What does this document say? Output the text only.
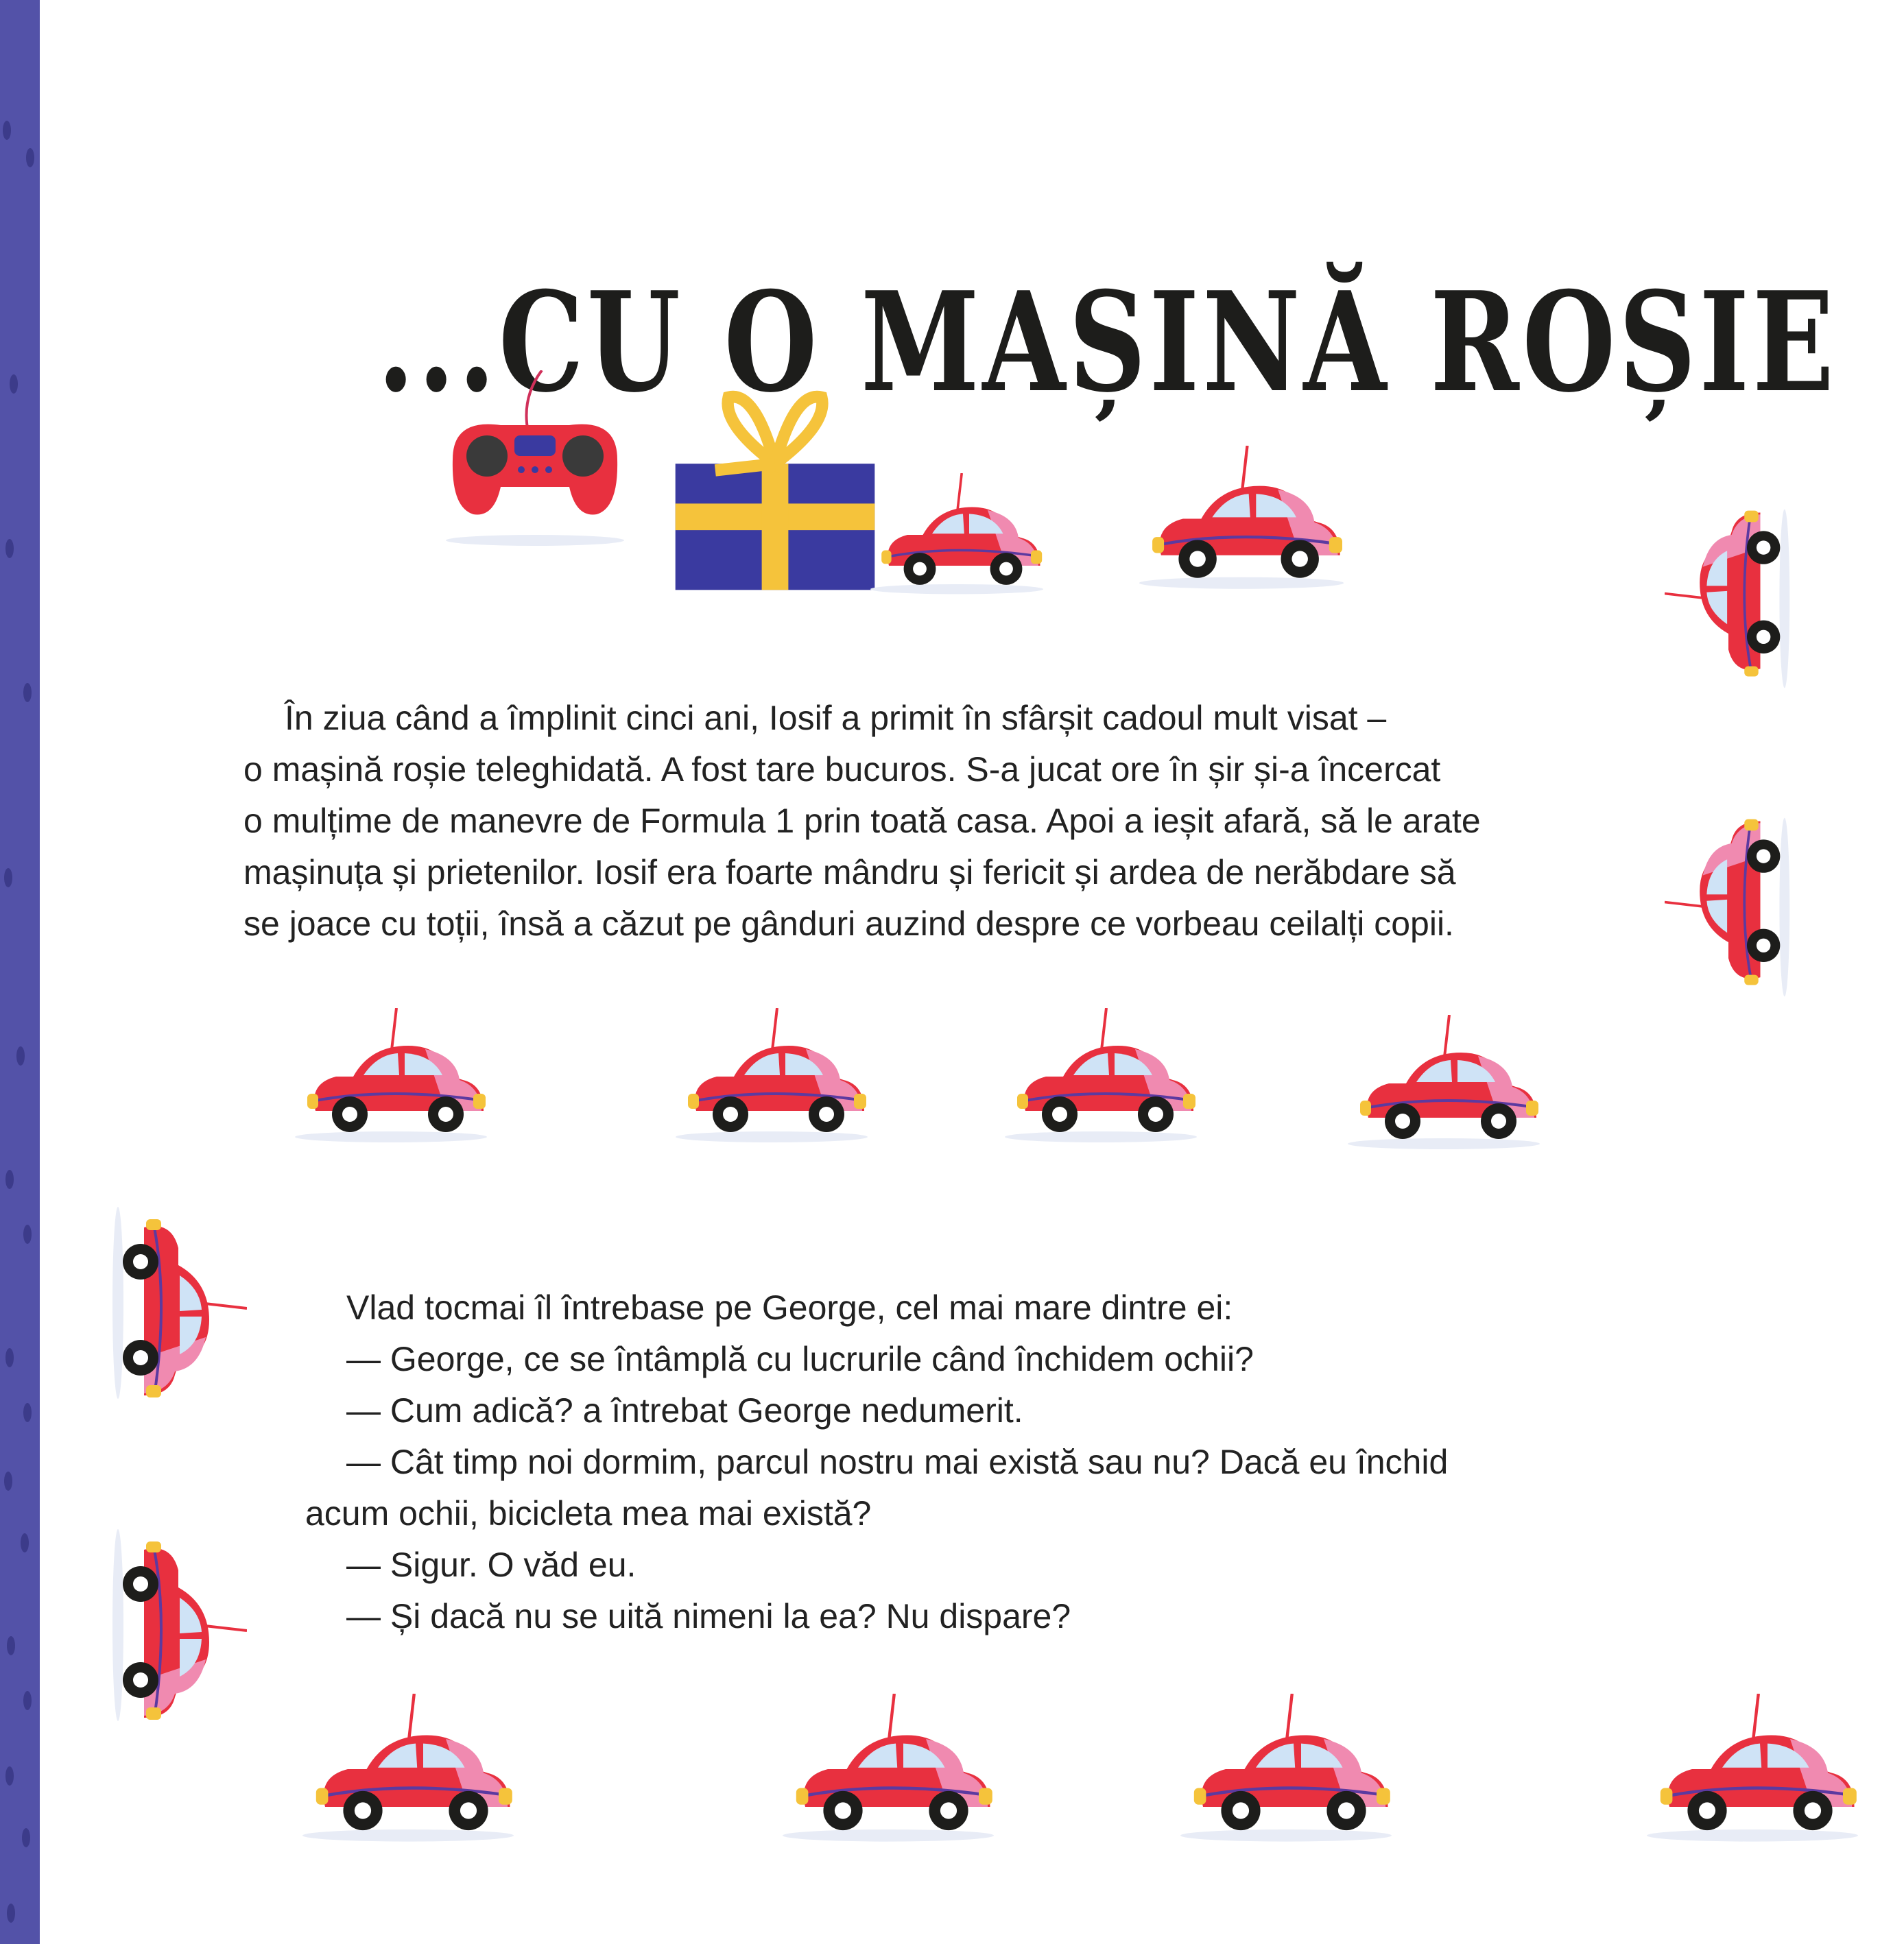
...CU O MAȘINĂ ROȘIE

În ziua când a împlinit cinci ani, Iosif a primit în sfârșit cadoul mult visat –
o mașină roșie teleghidată. A fost tare bucuros. S-a jucat ore în șir și-a încercat
o mulțime de manevre de Formula 1 prin toată casa. Apoi a ieșit afară, să le arate
mașinuța și prietenilor. Iosif era foarte mândru și fericit și ardea de nerăbdare să
se joace cu toții, însă a căzut pe gânduri auzind despre ce vorbeau ceilalți copii.

Vlad tocmai îl întrebase pe George, cel mai mare dintre ei:
— George, ce se întâmplă cu lucrurile când închidem ochii?
— Cum adică? a întrebat George nedumerit.
— Cât timp noi dormim, parcul nostru mai există sau nu? Dacă eu închid
acum ochii, bicicleta mea mai există?
— Sigur. O văd eu.
— Și dacă nu se uită nimeni la ea? Nu dispare?
